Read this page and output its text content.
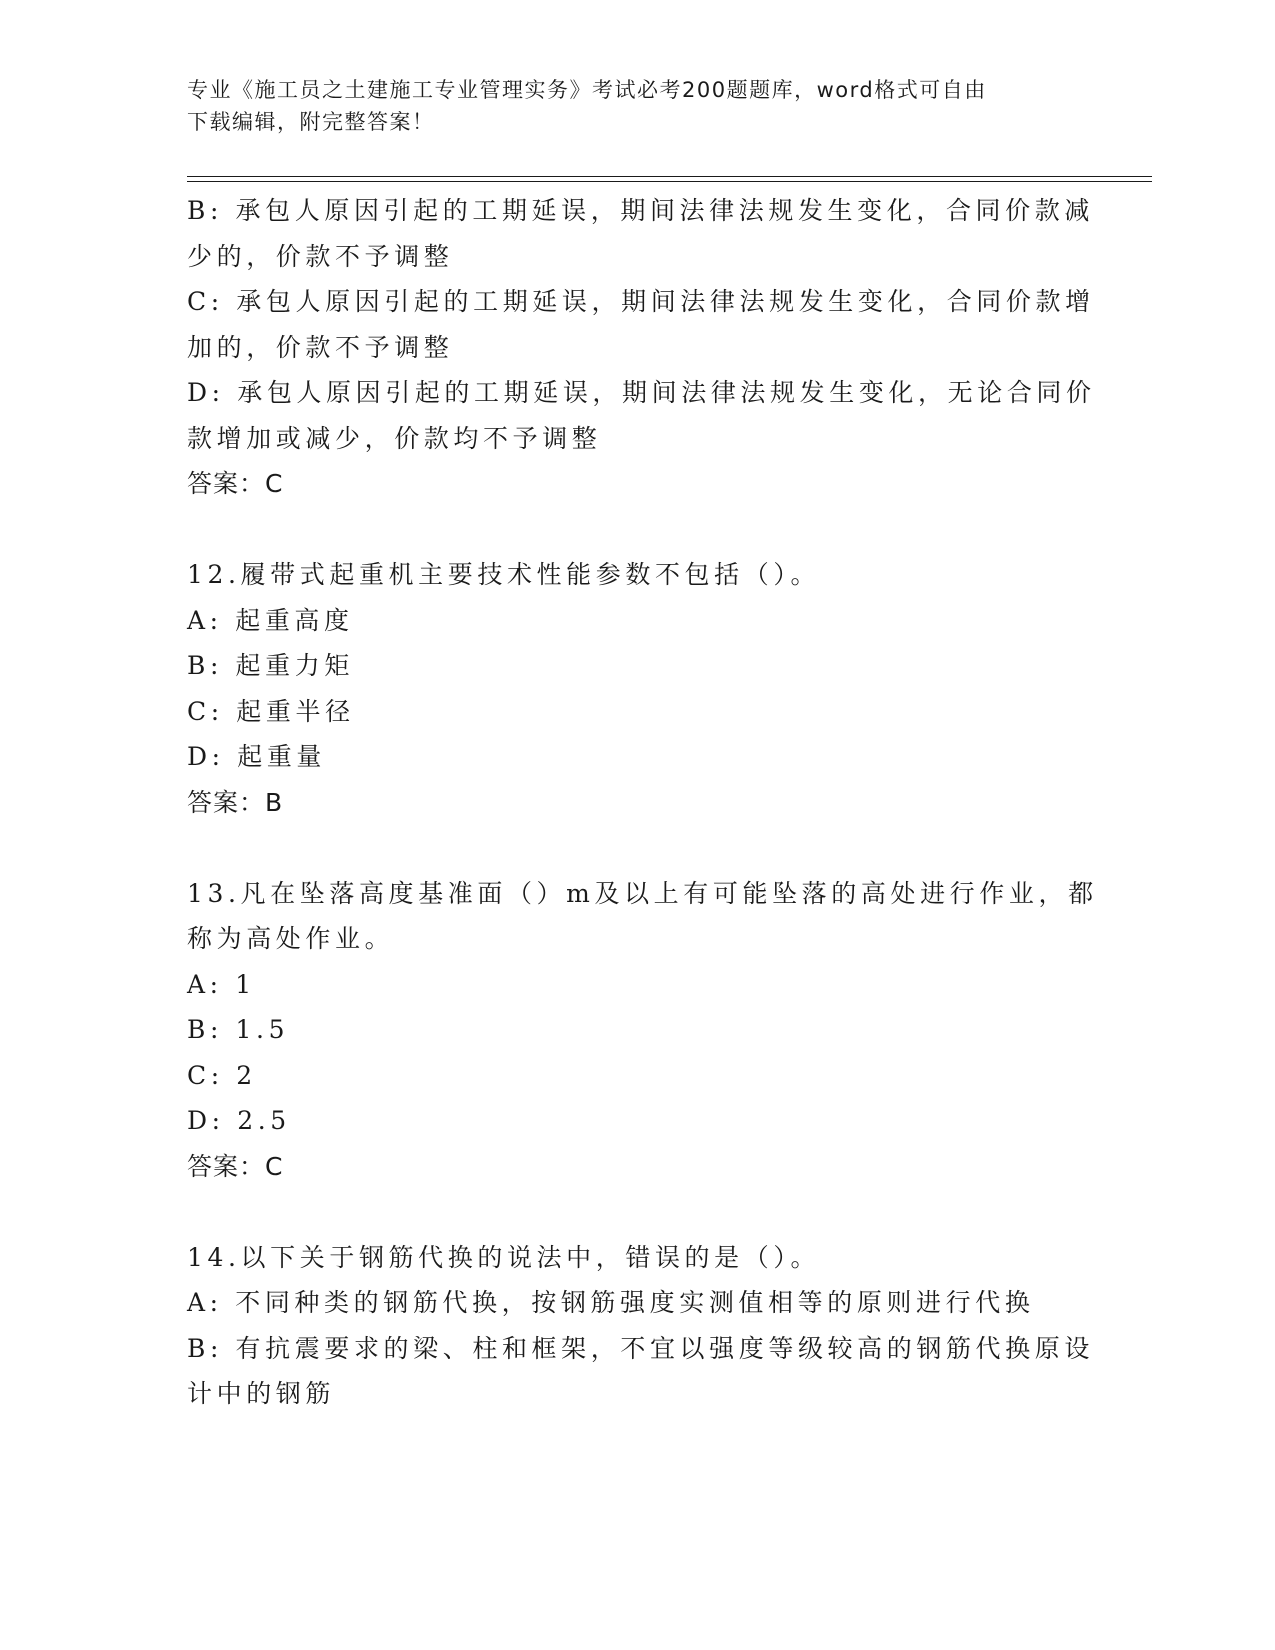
专业《施工员之土建施工专业管理实务》考试必考200题题库，word格式可自由
下载编辑，附完整答案！
B: 承包人原因引起的工期延误，期间法律法规发生变化，合同价款减
少的，价款不予调整
C: 承包人原因引起的工期延误，期间法律法规发生变化，合同价款增
加的，价款不予调整
D: 承包人原因引起的工期延误，期间法律法规发生变化，无论合同价
款增加或减少，价款均不予调整
答案：C
12.履带式起重机主要技术性能参数不包括（）。
A: 起重高度
B: 起重力矩
C: 起重半径
D: 起重量
答案：B
13.凡在坠落高度基准面（）m及以上有可能坠落的高处进行作业，都
称为高处作业。
A: 1
B: 1.5
C: 2
D: 2.5
答案：C
14.以下关于钢筋代换的说法中，错误的是（）。
A: 不同种类的钢筋代换，按钢筋强度实测值相等的原则进行代换
B: 有抗震要求的梁、柱和框架，不宜以强度等级较高的钢筋代换原设
计中的钢筋
